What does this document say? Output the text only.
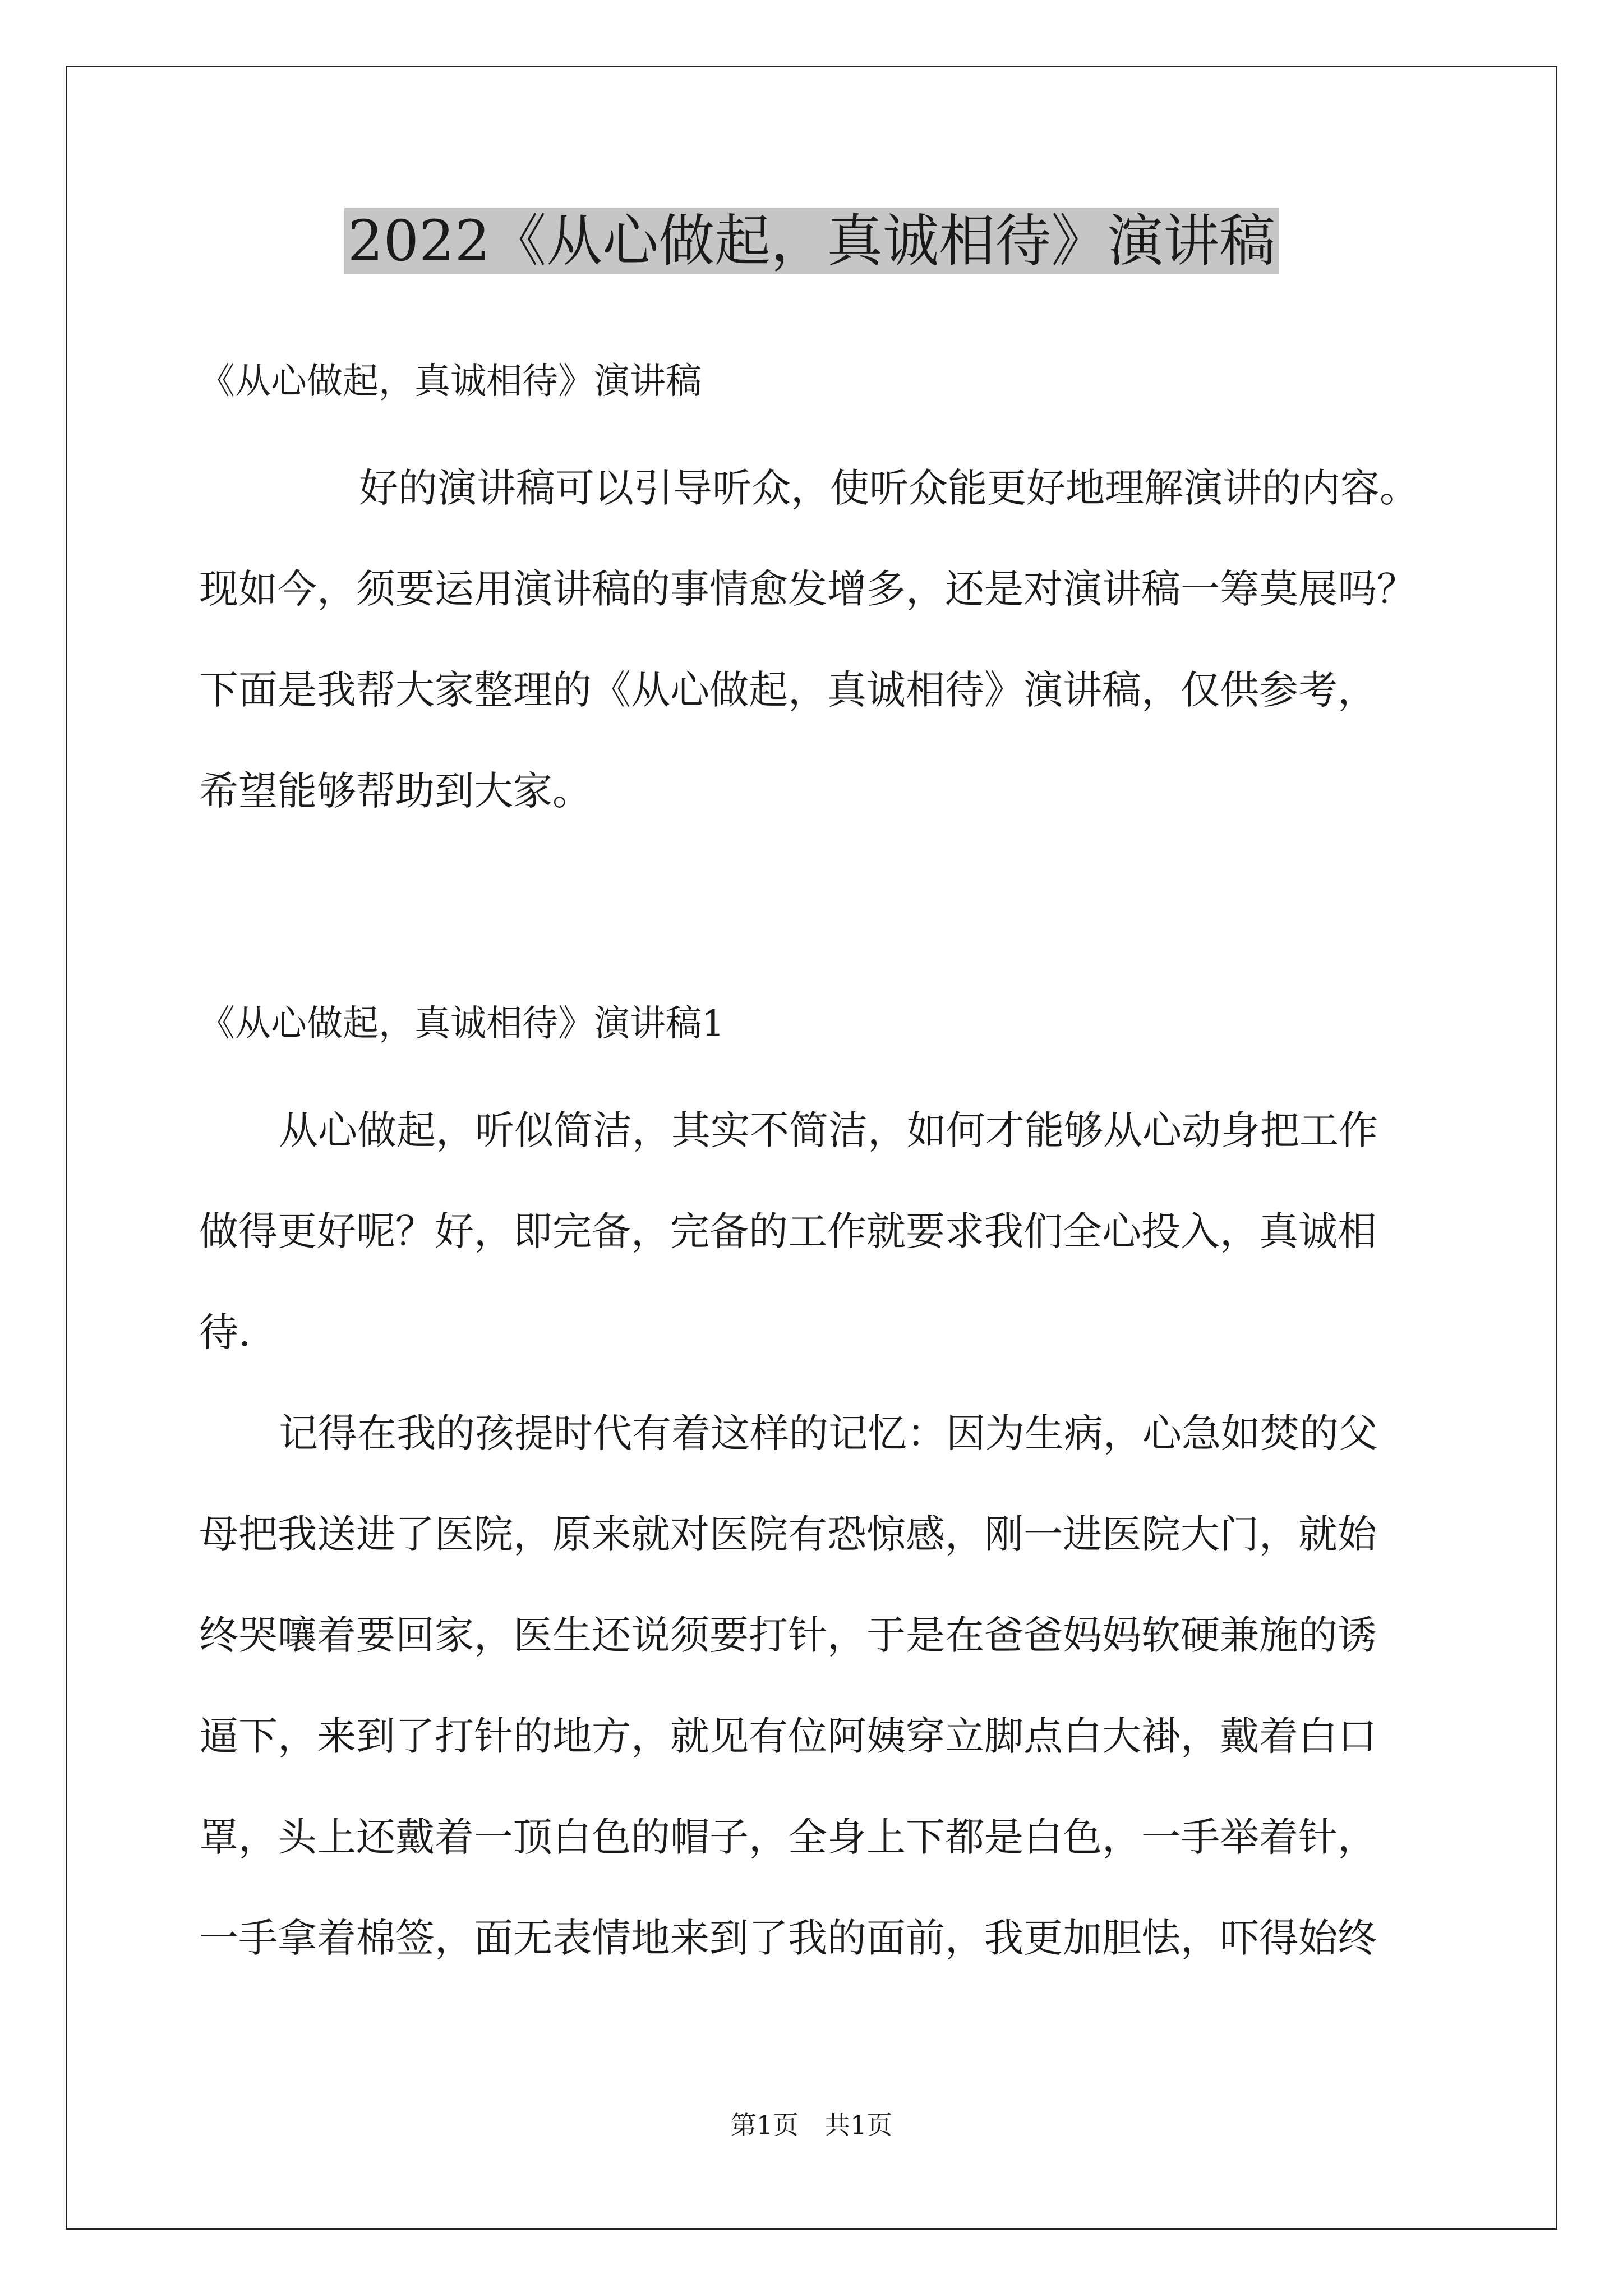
2022《从心做起，真诚相待》演讲稿

《从心做起，真诚相待》演讲稿

好的演讲稿可以引导听众，使听众能更好地理解演讲的内容。

现如今，须要运用演讲稿的事情愈发增多，还是对演讲稿一筹莫展吗？

下面是我帮大家整理的《从心做起，真诚相待》演讲稿，仅供参考，

希望能够帮助到大家。

《从心做起，真诚相待》演讲稿1

从心做起，听似简洁，其实不简洁，如何才能够从心动身把工作

做得更好呢？好，即完备，完备的工作就要求我们全心投入，真诚相

待.

记得在我的孩提时代有着这样的记忆：因为生病，心急如焚的父

母把我送进了医院，原来就对医院有恐惊感，刚一进医院大门，就始

终哭嚷着要回家，医生还说须要打针，于是在爸爸妈妈软硬兼施的诱

逼下，来到了打针的地方，就见有位阿姨穿立脚点白大褂，戴着白口

罩，头上还戴着一顶白色的帽子，全身上下都是白色，一手举着针，

一手拿着棉签，面无表情地来到了我的面前，我更加胆怯，吓得始终

第1页　共1页
